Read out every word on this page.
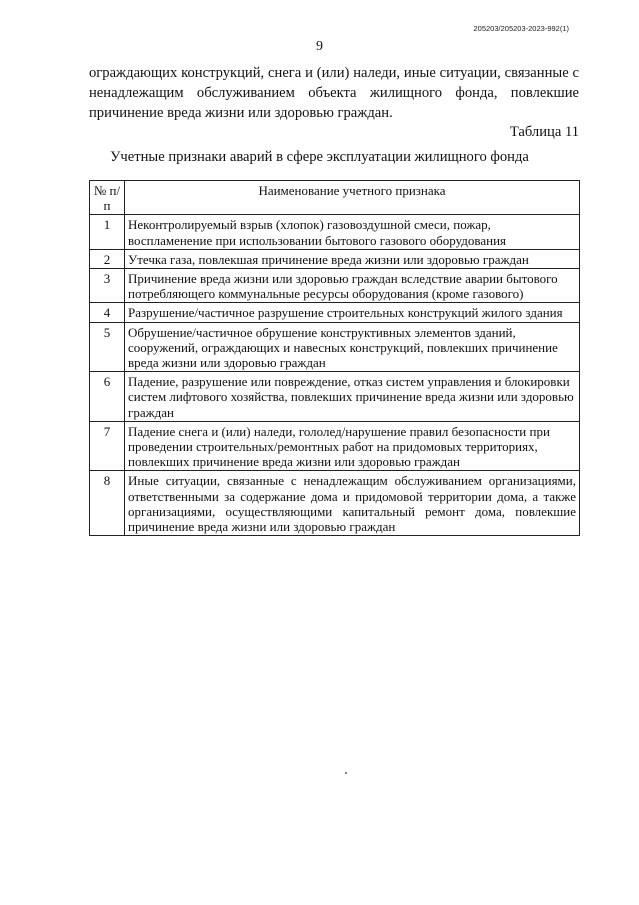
205203/205203-2023-992(1)
9
ограждающих конструкций, снега и (или) наледи, иные ситуации, связанные с ненадлежащим обслуживанием объекта жилищного фонда, повлекшие причинение вреда жизни или здоровью граждан.
Таблица 11
Учетные признаки аварий в сфере эксплуатации жилищного фонда
№ п/п	Наименование учетного признака
1	Неконтролируемый взрыв (хлопок) газовоздушной смеси, пожар, воспламенение при использовании бытового газового оборудования
2	Утечка газа, повлекшая причинение вреда жизни или здоровью граждан
3	Причинение вреда жизни или здоровью граждан вследствие аварии бытового потребляющего коммунальные ресурсы оборудования (кроме газового)
4	Разрушение/частичное разрушение строительных конструкций жилого здания
5	Обрушение/частичное обрушение конструктивных элементов зданий, сооружений, ограждающих и навесных конструкций, повлекших причинение вреда жизни или здоровью граждан
6	Падение, разрушение или повреждение, отказ систем управления и блокировки систем лифтового хозяйства, повлекших причинение вреда жизни или здоровью граждан
7	Падение снега и (или) наледи, гололед/нарушение правил безопасности при проведении строительных/ремонтных работ на придомовых территориях, повлекших причинение вреда жизни или здоровью граждан
8	Иные ситуации, связанные с ненадлежащим обслуживанием организациями, ответственными за содержание дома и придомовой территории дома, а также организациями, осуществляющими капитальный ремонт дома, повлекшие причинение вреда жизни или здоровью граждан
